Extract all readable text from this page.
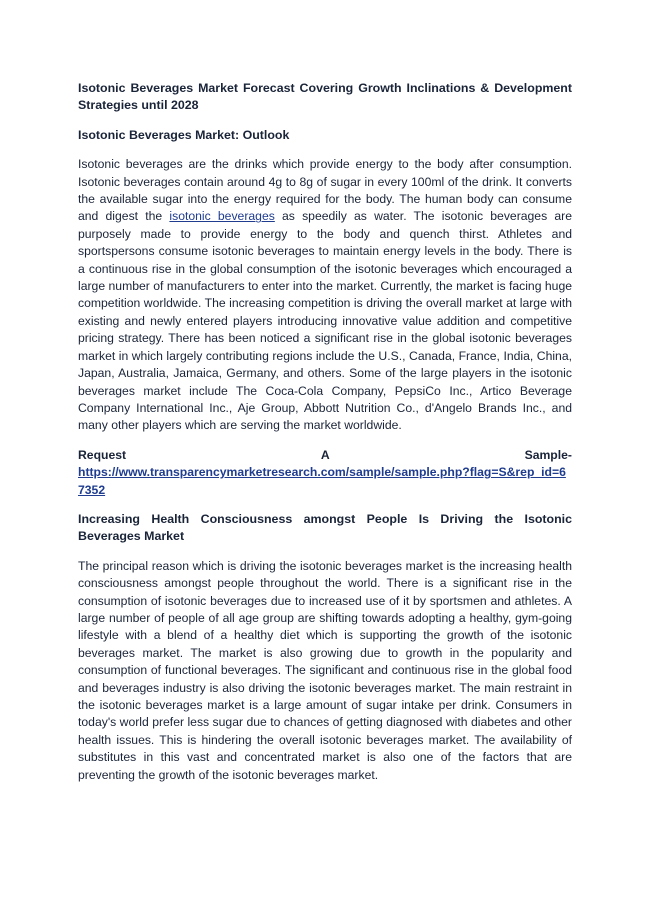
Isotonic Beverages Market Forecast Covering Growth Inclinations & Development Strategies until 2028
Isotonic Beverages Market: Outlook

Isotonic beverages are the drinks which provide energy to the body after consumption. Isotonic beverages contain around 4g to 8g of sugar in every 100ml of the drink. It converts the available sugar into the energy required for the body. The human body can consume and digest the isotonic beverages as speedily as water. The isotonic beverages are purposely made to provide energy to the body and quench thirst. Athletes and sportspersons consume isotonic beverages to maintain energy levels in the body. There is a continuous rise in the global consumption of the isotonic beverages which encouraged a large number of manufacturers to enter into the market. Currently, the market is facing huge competition worldwide. The increasing competition is driving the overall market at large with existing and newly entered players introducing innovative value addition and competitive pricing strategy. There has been noticed a significant rise in the global isotonic beverages market in which largely contributing regions include the U.S., Canada, France, India, China, Japan, Australia, Jamaica, Germany, and others. Some of the large players in the isotonic beverages market include The Coca-Cola Company, PepsiCo Inc., Artico Beverage Company International Inc., Aje Group, Abbott Nutrition Co., d'Angelo Brands Inc., and many other players which are serving the market worldwide.

Request	A	Sample-
https://www.transparencymarketresearch.com/sample/sample.php?flag=S&rep_id=67352
Increasing Health Consciousness amongst People Is Driving the Isotonic Beverages Market

The principal reason which is driving the isotonic beverages market is the increasing health consciousness amongst people throughout the world. There is a significant rise in the consumption of isotonic beverages due to increased use of it by sportsmen and athletes. A large number of people of all age group are shifting towards adopting a healthy, gym-going lifestyle with a blend of a healthy diet which is supporting the growth of the isotonic beverages market. The market is also growing due to growth in the popularity and consumption of functional beverages. The significant and continuous rise in the global food and beverages industry is also driving the isotonic beverages market. The main restraint in the isotonic beverages market is a large amount of sugar intake per drink. Consumers in today's world prefer less sugar due to chances of getting diagnosed with diabetes and other health issues. This is hindering the overall isotonic beverages market. The availability of substitutes in this vast and concentrated market is also one of the factors that are preventing the growth of the isotonic beverages market.
